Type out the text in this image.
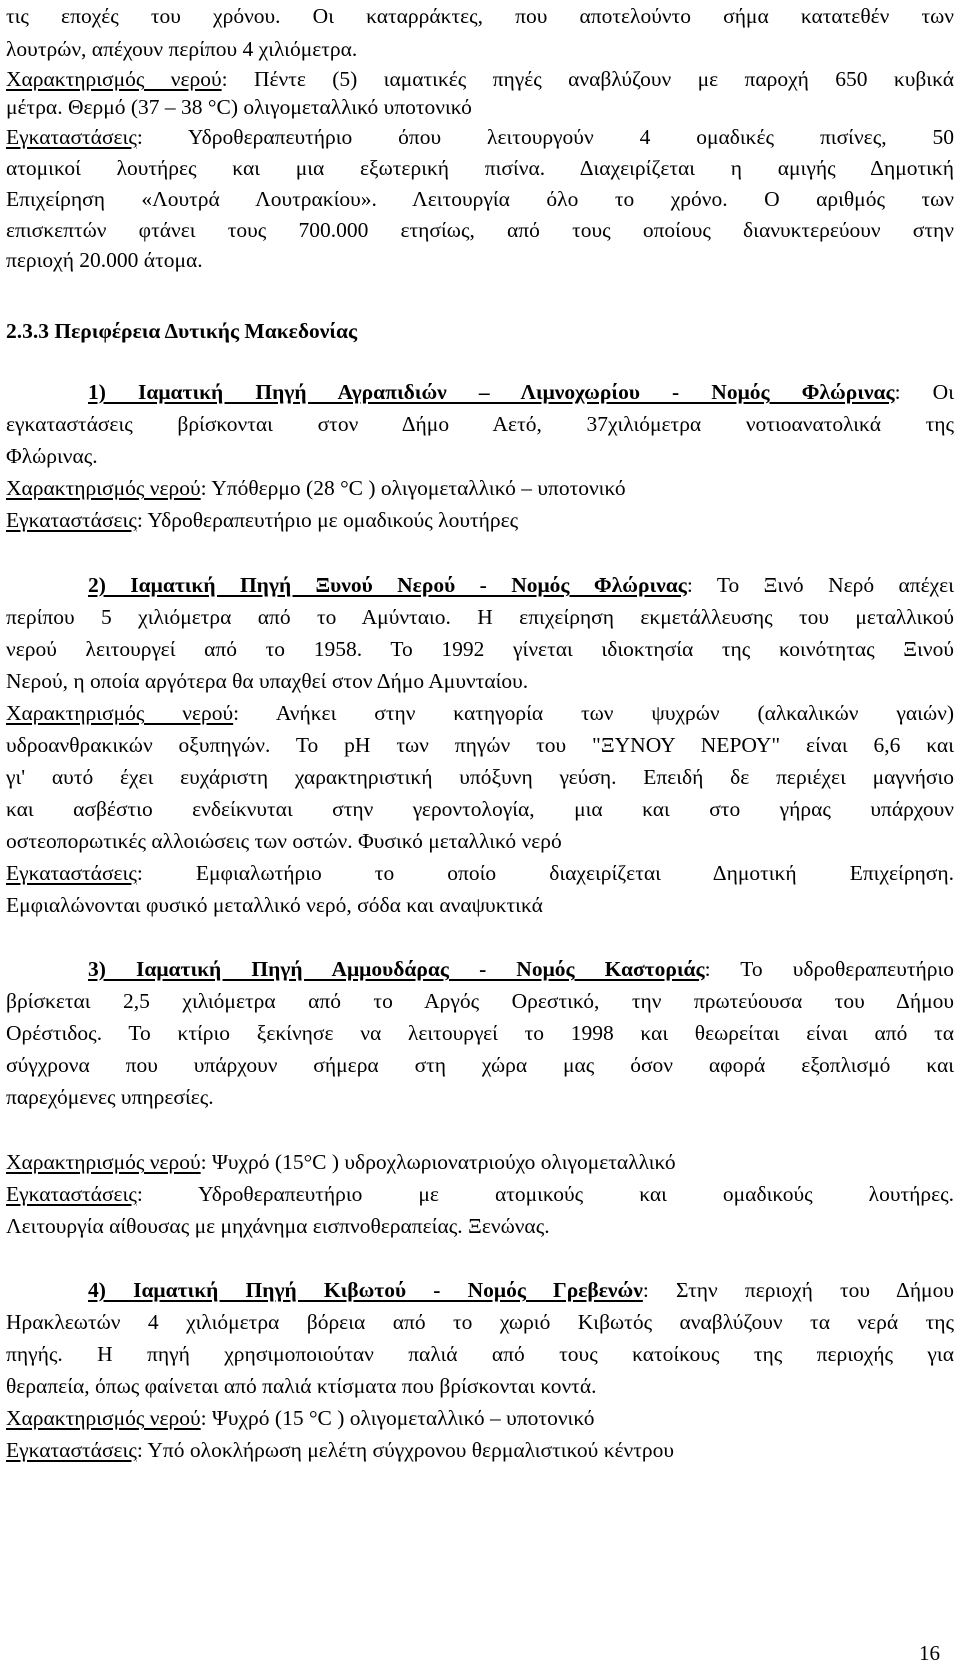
τις εποχές του χρόνου. Οι καταρράκτες, που αποτελούντο σήμα κατατεθέν των
λουτρών, απέχουν περίπου 4 χιλιόμετρα.
Χαρακτηρισμός νερού: Πέντε (5) ιαματικές πηγές αναβλύζουν με παροχή 650 κυβικά
μέτρα. Θερμό (37 – 38 °C) ολιγομεταλλικό υποτονικό
Εγκαταστάσεις: Υδροθεραπευτήριο όπου λειτουργούν 4 ομαδικές πισίνες, 50
ατομικοί λουτήρες και μια εξωτερική πισίνα. Διαχειρίζεται η αμιγής Δημοτική
Επιχείρηση «Λουτρά Λουτρακίου». Λειτουργία όλο το χρόνο. Ο αριθμός των
επισκεπτών φτάνει τους 700.000 ετησίως, από τους οποίους διανυκτερεύουν στην
περιοχή 20.000 άτομα.
2.3.3 Περιφέρεια Δυτικής Μακεδονίας
1) Ιαματική Πηγή Αγραπιδιών – Λιμνοχωρίου - Νομός Φλώρινας: Οι
εγκαταστάσεις βρίσκονται στον Δήμο Αετό, 37χιλιόμετρα νοτιοανατολικά της
Φλώρινας.
Χαρακτηρισμός νερού: Υπόθερμο (28 °C ) ολιγομεταλλικό – υποτονικό
Εγκαταστάσεις: Υδροθεραπευτήριο με ομαδικούς λουτήρες
2) Ιαματική Πηγή Ξυνού Νερού - Νομός Φλώρινας: Το Ξινό Νερό απέχει
περίπου 5 χιλιόμετρα από το Αμύνταιο. Η επιχείρηση εκμετάλλευσης του μεταλλικού
νερού λειτουργεί από το 1958. Το 1992 γίνεται ιδιοκτησία της κοινότητας Ξινού
Νερού, η οποία αργότερα θα υπαχθεί στον Δήμο Αμυνταίου.
Χαρακτηρισμός νερού: Ανήκει στην κατηγορία των ψυχρών (αλκαλικών γαιών)
υδροανθρακικών οξυπηγών. Το pH των πηγών του "ΞΥΝΟΥ ΝΕΡΟΥ" είναι 6,6 και
γι' αυτό έχει ευχάριστη χαρακτηριστική υπόξυνη γεύση. Επειδή δε περιέχει μαγνήσιο
και ασβέστιο ενδείκνυται στην γεροντολογία, μια και στο γήρας υπάρχουν
οστεοπορωτικές αλλοιώσεις των οστών. Φυσικό μεταλλικό νερό
Εγκαταστάσεις: Εμφιαλωτήριο το οποίο διαχειρίζεται Δημοτική Επιχείρηση.
Εμφιαλώνονται φυσικό μεταλλικό νερό, σόδα και αναψυκτικά
3) Ιαματική Πηγή Αμμουδάρας - Νομός Καστοριάς: Το υδροθεραπευτήριο
βρίσκεται 2,5 χιλιόμετρα από το Αργός Ορεστικό, την πρωτεύουσα του Δήμου
Ορέστιδος. Το κτίριο ξεκίνησε να λειτουργεί το 1998 και θεωρείται είναι από τα
σύγχρονα που υπάρχουν σήμερα στη χώρα μας όσον αφορά εξοπλισμό και
παρεχόμενες υπηρεσίες.
Χαρακτηρισμός νερού: Ψυχρό (15°C ) υδροχλωριονατριούχο ολιγομεταλλικό
Εγκαταστάσεις: Υδροθεραπευτήριο με ατομικούς και ομαδικούς λουτήρες.
Λειτουργία αίθουσας με μηχάνημα εισπνοθεραπείας. Ξενώνας.
4) Ιαματική Πηγή Κιβωτού - Νομός Γρεβενών: Στην περιοχή του Δήμου
Ηρακλεωτών 4 χιλιόμετρα βόρεια από το χωριό Κιβωτός αναβλύζουν τα νερά της
πηγής. Η πηγή χρησιμοποιούταν παλιά από τους κατοίκους της περιοχής για
θεραπεία, όπως φαίνεται από παλιά κτίσματα που βρίσκονται κοντά.
Χαρακτηρισμός νερού: Ψυχρό (15 °C ) ολιγομεταλλικό – υποτονικό
Εγκαταστάσεις: Υπό ολοκλήρωση μελέτη σύγχρονου θερμαλιστικού κέντρου
16
